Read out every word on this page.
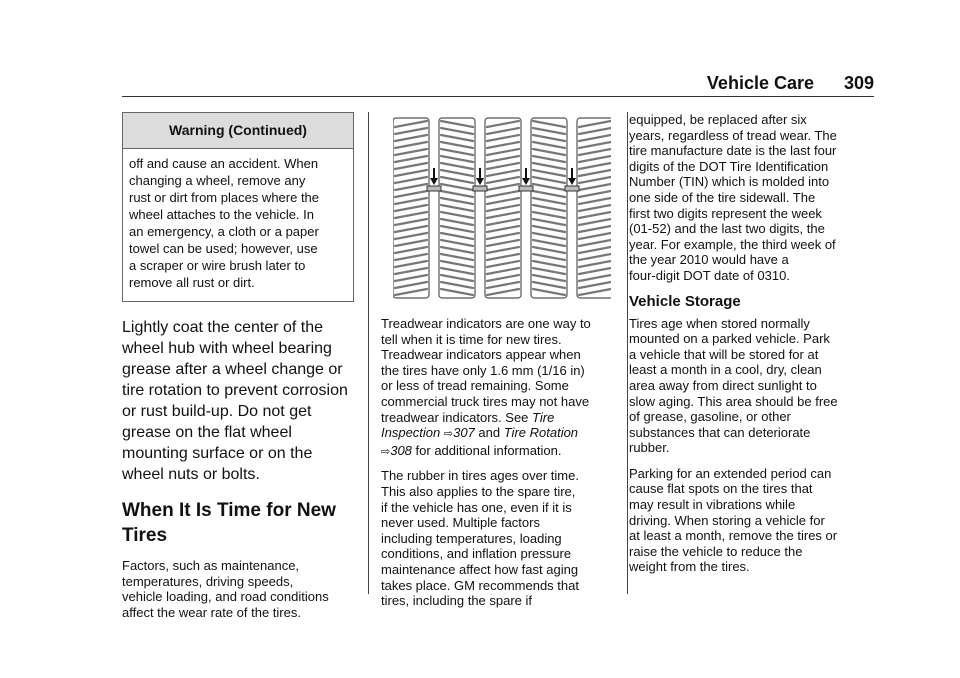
Vehicle Care 309
Warning (Continued)
off and cause an accident. When
changing a wheel, remove any
rust or dirt from places where the
wheel attaches to the vehicle. In
an emergency, a cloth or a paper
towel can be used; however, use
a scraper or wire brush later to
remove all rust or dirt.
Lightly coat the center of the
wheel hub with wheel bearing
grease after a wheel change or
tire rotation to prevent corrosion
or rust build-up. Do not get
grease on the flat wheel
mounting surface or on the
wheel nuts or bolts.
When It Is Time for New
Tires
Factors, such as maintenance,
temperatures, driving speeds,
vehicle loading, and road conditions
affect the wear rate of the tires.
Treadwear indicators are one way to
tell when it is time for new tires.
Treadwear indicators appear when
the tires have only 1.6 mm (1/16 in)
or less of tread remaining. Some
commercial truck tires may not have
treadwear indicators. See Tire
Inspection ⇨307 and Tire Rotation
⇨308 for additional information.
The rubber in tires ages over time.
This also applies to the spare tire,
if the vehicle has one, even if it is
never used. Multiple factors
including temperatures, loading
conditions, and inflation pressure
maintenance affect how fast aging
takes place. GM recommends that
tires, including the spare if
equipped, be replaced after six
years, regardless of tread wear. The
tire manufacture date is the last four
digits of the DOT Tire Identification
Number (TIN) which is molded into
one side of the tire sidewall. The
first two digits represent the week
(01-52) and the last two digits, the
year. For example, the third week of
the year 2010 would have a
four-digit DOT date of 0310.
Vehicle Storage
Tires age when stored normally
mounted on a parked vehicle. Park
a vehicle that will be stored for at
least a month in a cool, dry, clean
area away from direct sunlight to
slow aging. This area should be free
of grease, gasoline, or other
substances that can deteriorate
rubber.
Parking for an extended period can
cause flat spots on the tires that
may result in vibrations while
driving. When storing a vehicle for
at least a month, remove the tires or
raise the vehicle to reduce the
weight from the tires.
